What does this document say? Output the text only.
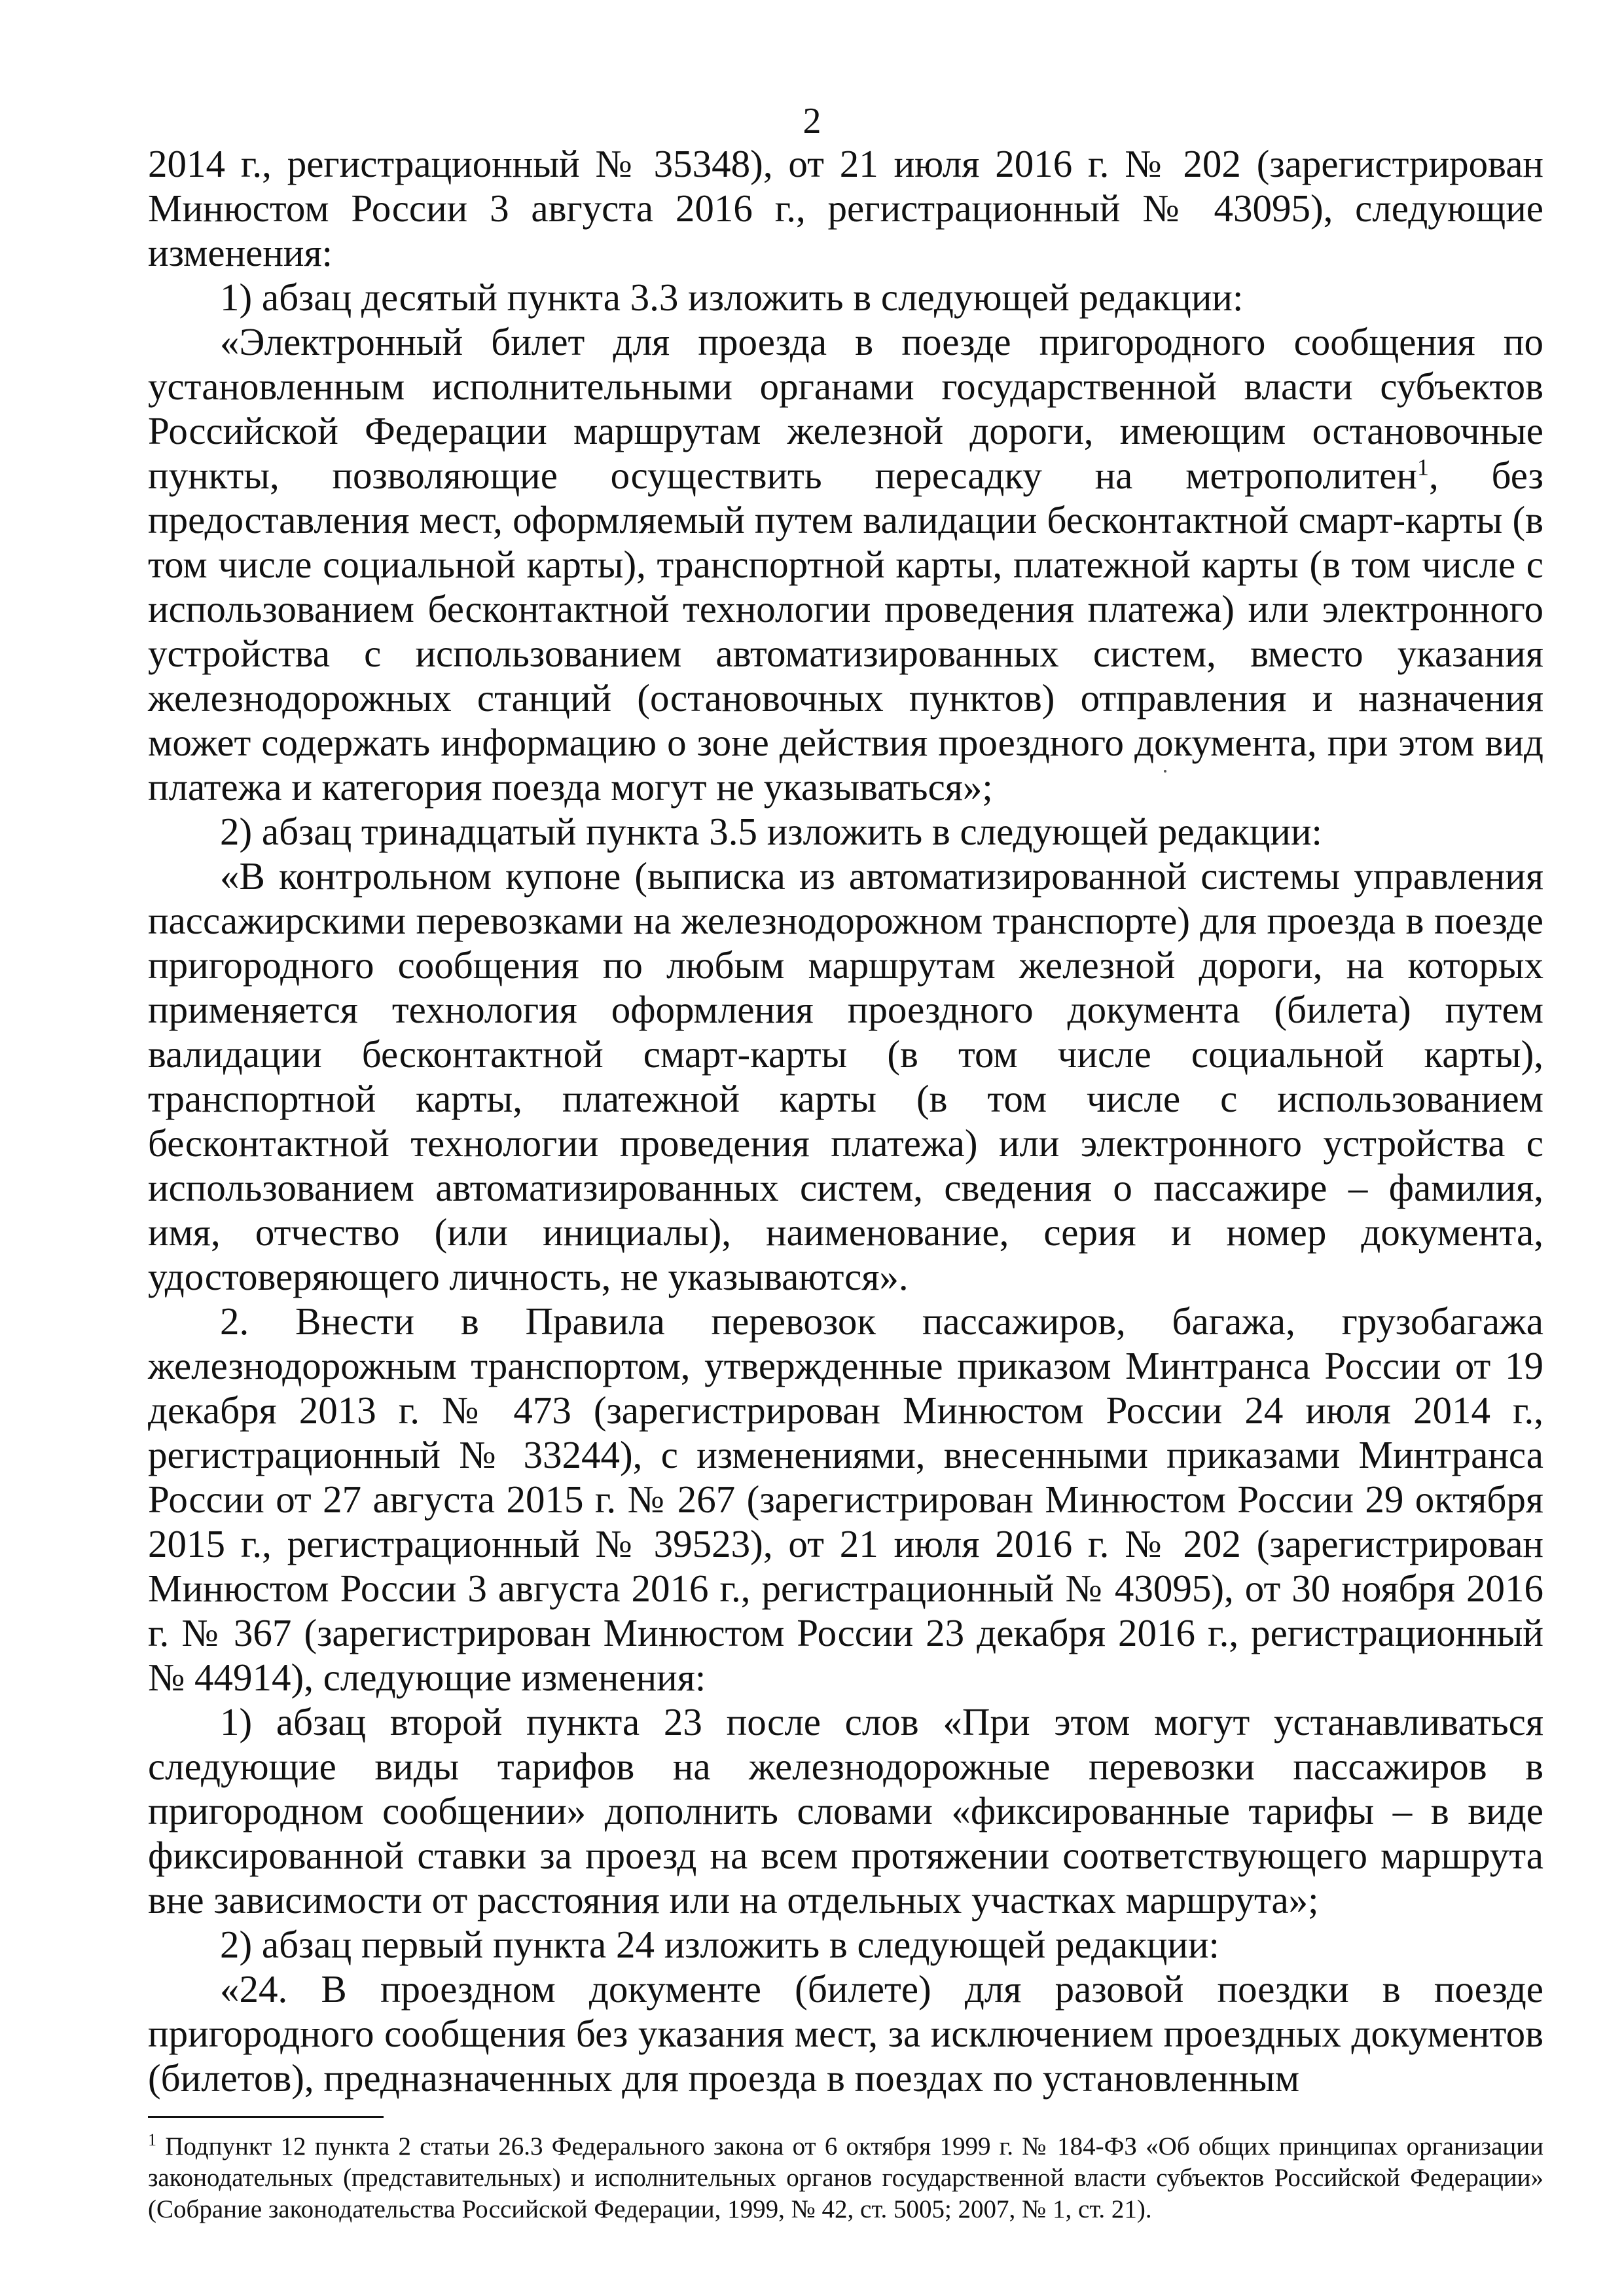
2

2014 г., регистрационный № 35348), от 21 июля 2016 г. № 202 (зарегистрирован Минюстом России 3 августа 2016 г., регистрационный № 43095), следующие изменения:

1) абзац десятый пункта 3.3 изложить в следующей редакции:

«Электронный билет для проезда в поезде пригородного сообщения по установленным исполнительными органами государственной власти субъектов Российской Федерации маршрутам железной дороги, имеющим остановочные пункты, позволяющие осуществить пересадку на метрополитен$^1$, без предоставления мест, оформляемый путем валидации бесконтактной смарт-карты (в том числе социальной карты), транспортной карты, платежной карты (в том числе с использованием бесконтактной технологии проведения платежа) или электронного устройства с использованием автоматизированных систем, вместо указания железнодорожных станций (остановочных пунктов) отправления и назначения может содержать информацию о зоне действия проездного документа, при этом вид платежа и категория поезда могут не указываться»;

2) абзац тринадцатый пункта 3.5 изложить в следующей редакции:

«В контрольном купоне (выписка из автоматизированной системы управления пассажирскими перевозками на железнодорожном транспорте) для проезда в поезде пригородного сообщения по любым маршрутам железной дороги, на которых применяется технология оформления проездного документа (билета) путем валидации бесконтактной смарт-карты (в том числе социальной карты), транспортной карты, платежной карты (в том числе с использованием бесконтактной технологии проведения платежа) или электронного устройства с использованием автоматизированных систем, сведения о пассажире – фамилия, имя, отчество (или инициалы), наименование, серия и номер документа, удостоверяющего личность, не указываются».

2. Внести в Правила перевозок пассажиров, багажа, грузобагажа железнодорожным транспортом, утвержденные приказом Минтранса России от 19 декабря 2013 г. № 473 (зарегистрирован Минюстом России 24 июля 2014 г., регистрационный № 33244), с изменениями, внесенными приказами Минтранса России от 27 августа 2015 г. № 267 (зарегистрирован Минюстом России 29 октября 2015 г., регистрационный № 39523), от 21 июля 2016 г. № 202 (зарегистрирован Минюстом России 3 августа 2016 г., регистрационный № 43095), от 30 ноября 2016 г. № 367 (зарегистрирован Минюстом России 23 декабря 2016 г., регистрационный № 44914), следующие изменения:

1) абзац второй пункта 23 после слов «При этом могут устанавливаться следующие виды тарифов на железнодорожные перевозки пассажиров в пригородном сообщении» дополнить словами «фиксированные тарифы – в виде фиксированной ставки за проезд на всем протяжении соответствующего маршрута вне зависимости от расстояния или на отдельных участках маршрута»;

2) абзац первый пункта 24 изложить в следующей редакции:

«24. В проездном документе (билете) для разовой поездки в поезде пригородного сообщения без указания мест, за исключением проездных документов (билетов), предназначенных для проезда в поездах по установленным

$^1$ Подпункт 12 пункта 2 статьи 26.3 Федерального закона от 6 октября 1999 г. № 184-ФЗ «Об общих принципах организации законодательных (представительных) и исполнительных органов государственной власти субъектов Российской Федерации» (Собрание законодательства Российской Федерации, 1999, № 42, ст. 5005; 2007, № 1, ст. 21).
